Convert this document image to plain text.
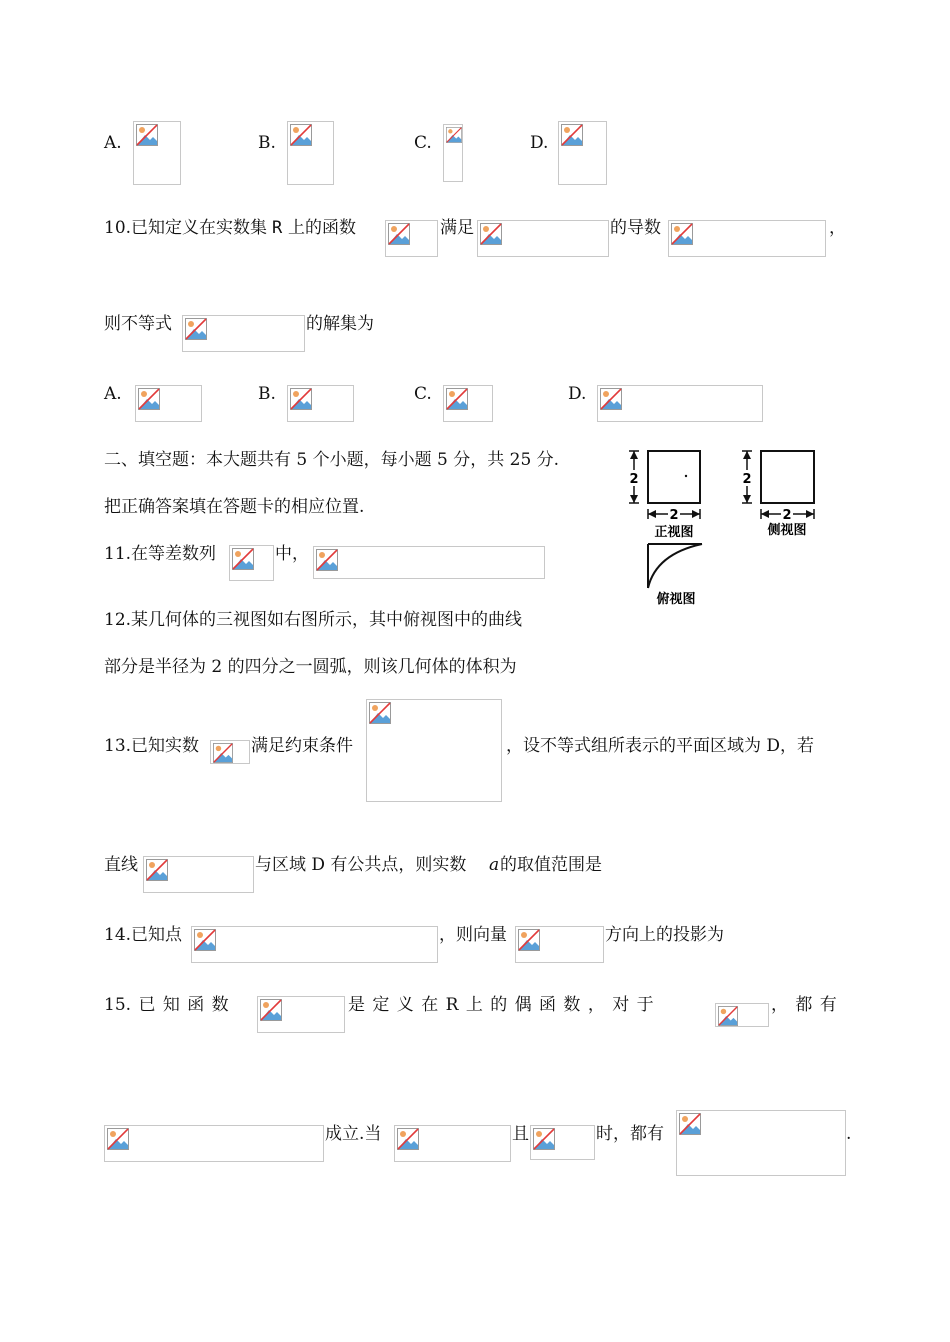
A.	B.	C.	D.
10.已知定义在实数集 R 上的函数	满足	的导数	，
则不等式	的解集为
A.	B.	C.	D.
二、填空题：本大题共有 5 个小题，每小题 5 分，共 25 分.
把正确答案填在答题卡的相应位置.
2
2
正视图
2
2
侧视图
俯视图
11.在等差数列	中，
12.某几何体的三视图如右图所示，其中俯视图中的曲线
部分是半径为 2 的四分之一圆弧，则该几何体的体积为
13.已知实数	满足约束条件	，设不等式组所表示的平面区域为 D，若
直线	与区域 D 有公共点，则实数 a 的取值范围是
14.已知点	，则向量	方向上的投影为
15. 已 知 函 数	是 定 义 在 R 上 的 偶 函 数 ， 对 于	， 都 有
成立.当	且	时，都有	.
